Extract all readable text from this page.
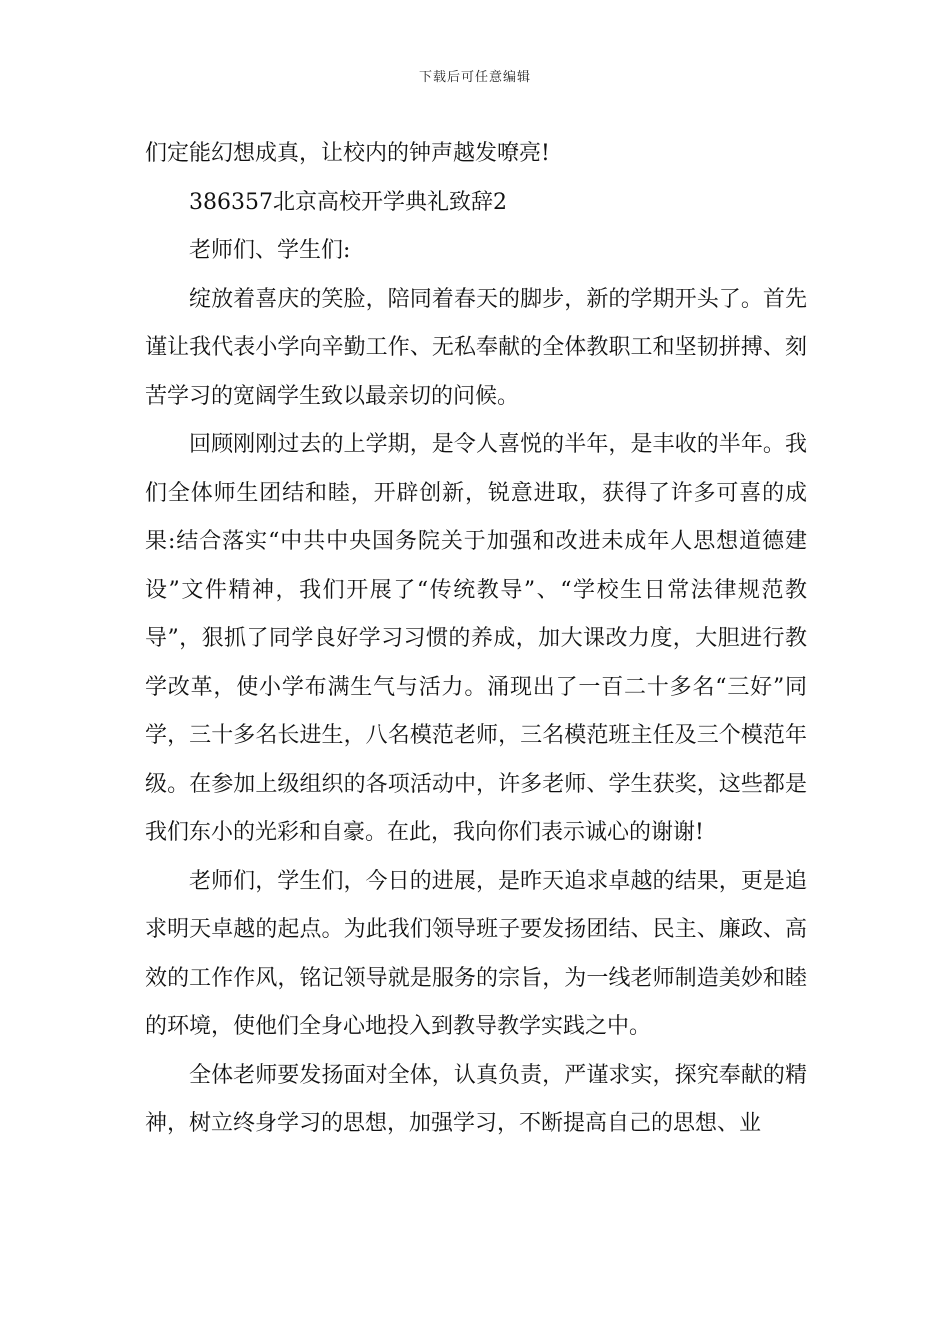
下载后可任意编辑

们定能幻想成真，让校内的钟声越发嘹亮!

386357北京高校开学典礼致辞2

老师们、学生们:

绽放着喜庆的笑脸，陪同着春天的脚步，新的学期开头了。首先谨让我代表小学向辛勤工作、无私奉献的全体教职工和坚韧拼搏、刻苦学习的宽阔学生致以最亲切的问候。

回顾刚刚过去的上学期，是令人喜悦的半年，是丰收的半年。我们全体师生团结和睦，开辟创新，锐意进取，获得了许多可喜的成果:结合落实“中共中央国务院关于加强和改进未成年人思想道德建设”文件精神，我们开展了“传统教导”、“学校生日常法律规范教导”，狠抓了同学良好学习习惯的养成，加大课改力度，大胆进行教学改革，使小学布满生气与活力。涌现出了一百二十多名“三好”同学，三十多名长进生，八名模范老师，三名模范班主任及三个模范年级。在参加上级组织的各项活动中，许多老师、学生获奖，这些都是我们东小的光彩和自豪。在此，我向你们表示诚心的谢谢!

老师们，学生们，今日的进展，是昨天追求卓越的结果，更是追求明天卓越的起点。为此我们领导班子要发扬团结、民主、廉政、高效的工作作风，铭记领导就是服务的宗旨，为一线老师制造美妙和睦的环境，使他们全身心地投入到教导教学实践之中。

全体老师要发扬面对全体，认真负责，严谨求实，探究奉献的精神，树立终身学习的思想，加强学习，不断提高自己的思想、业
